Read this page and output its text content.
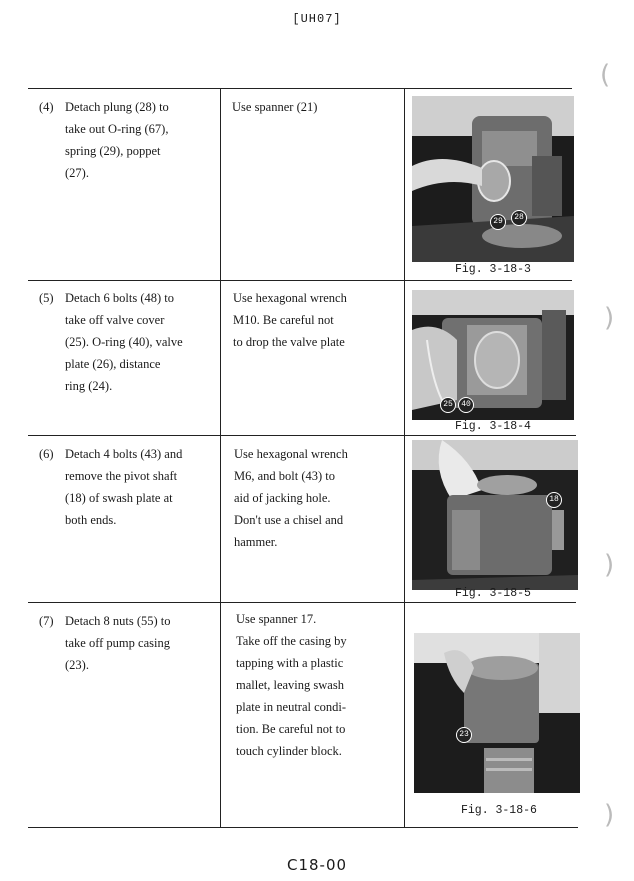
[UH07]
(4) Detach plung (28) to
take out O-ring (67),
spring (29), poppet
(27).
Use spanner (21)
29	28
Fig. 3-18-3
(5) Detach 6 bolts (48) to
take off valve cover
(25). O-ring (40), valve
plate (26), distance
ring (24).
Use hexagonal wrench
M10. Be careful not
to drop the valve plate
25	40
Fig. 3-18-4
(6) Detach 4 bolts (43) and
remove the pivot shaft
(18) of swash plate at
both ends.
Use hexagonal wrench
M6, and bolt (43) to
aid of jacking hole.
Don't use a chisel and
hammer.
18
Fig. 3-18-5
(7) Detach 8 nuts (55) to
take off pump casing
(23).
Use spanner 17.
Take off the casing by
tapping with a plastic
mallet, leaving swash
plate in neutral condi-
tion. Be careful not to
touch cylinder block.
23
Fig. 3-18-6
(
)
)
)
C18-00
